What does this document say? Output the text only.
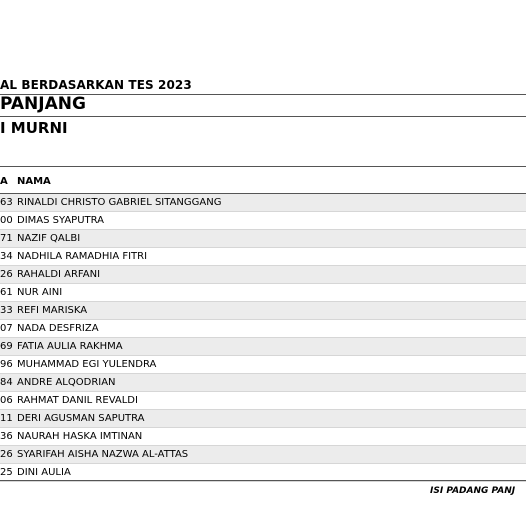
AL BERDASARKAN TES 2023
PANJANG
I MURNI
A NAMA
63 RINALDI CHRISTO GABRIEL SITANGGANG
00 DIMAS SYAPUTRA
71 NAZIF QALBI
34 NADHILA RAMADHIA FITRI
26 RAHALDI ARFANI
61 NUR AINI
33 REFI MARISKA
07 NADA DESFRIZA
69 FATIA AULIA RAKHMA
96 MUHAMMAD EGI YULENDRA
84 ANDRE ALQODRIAN
06 RAHMAT DANIL REVALDI
11 DERI AGUSMAN SAPUTRA
36 NAURAH HASKA IMTINAN
26 SYARIFAH AISHA NAZWA AL-ATTAS
25 DINI AULIA
ISI PADANG PANJ
